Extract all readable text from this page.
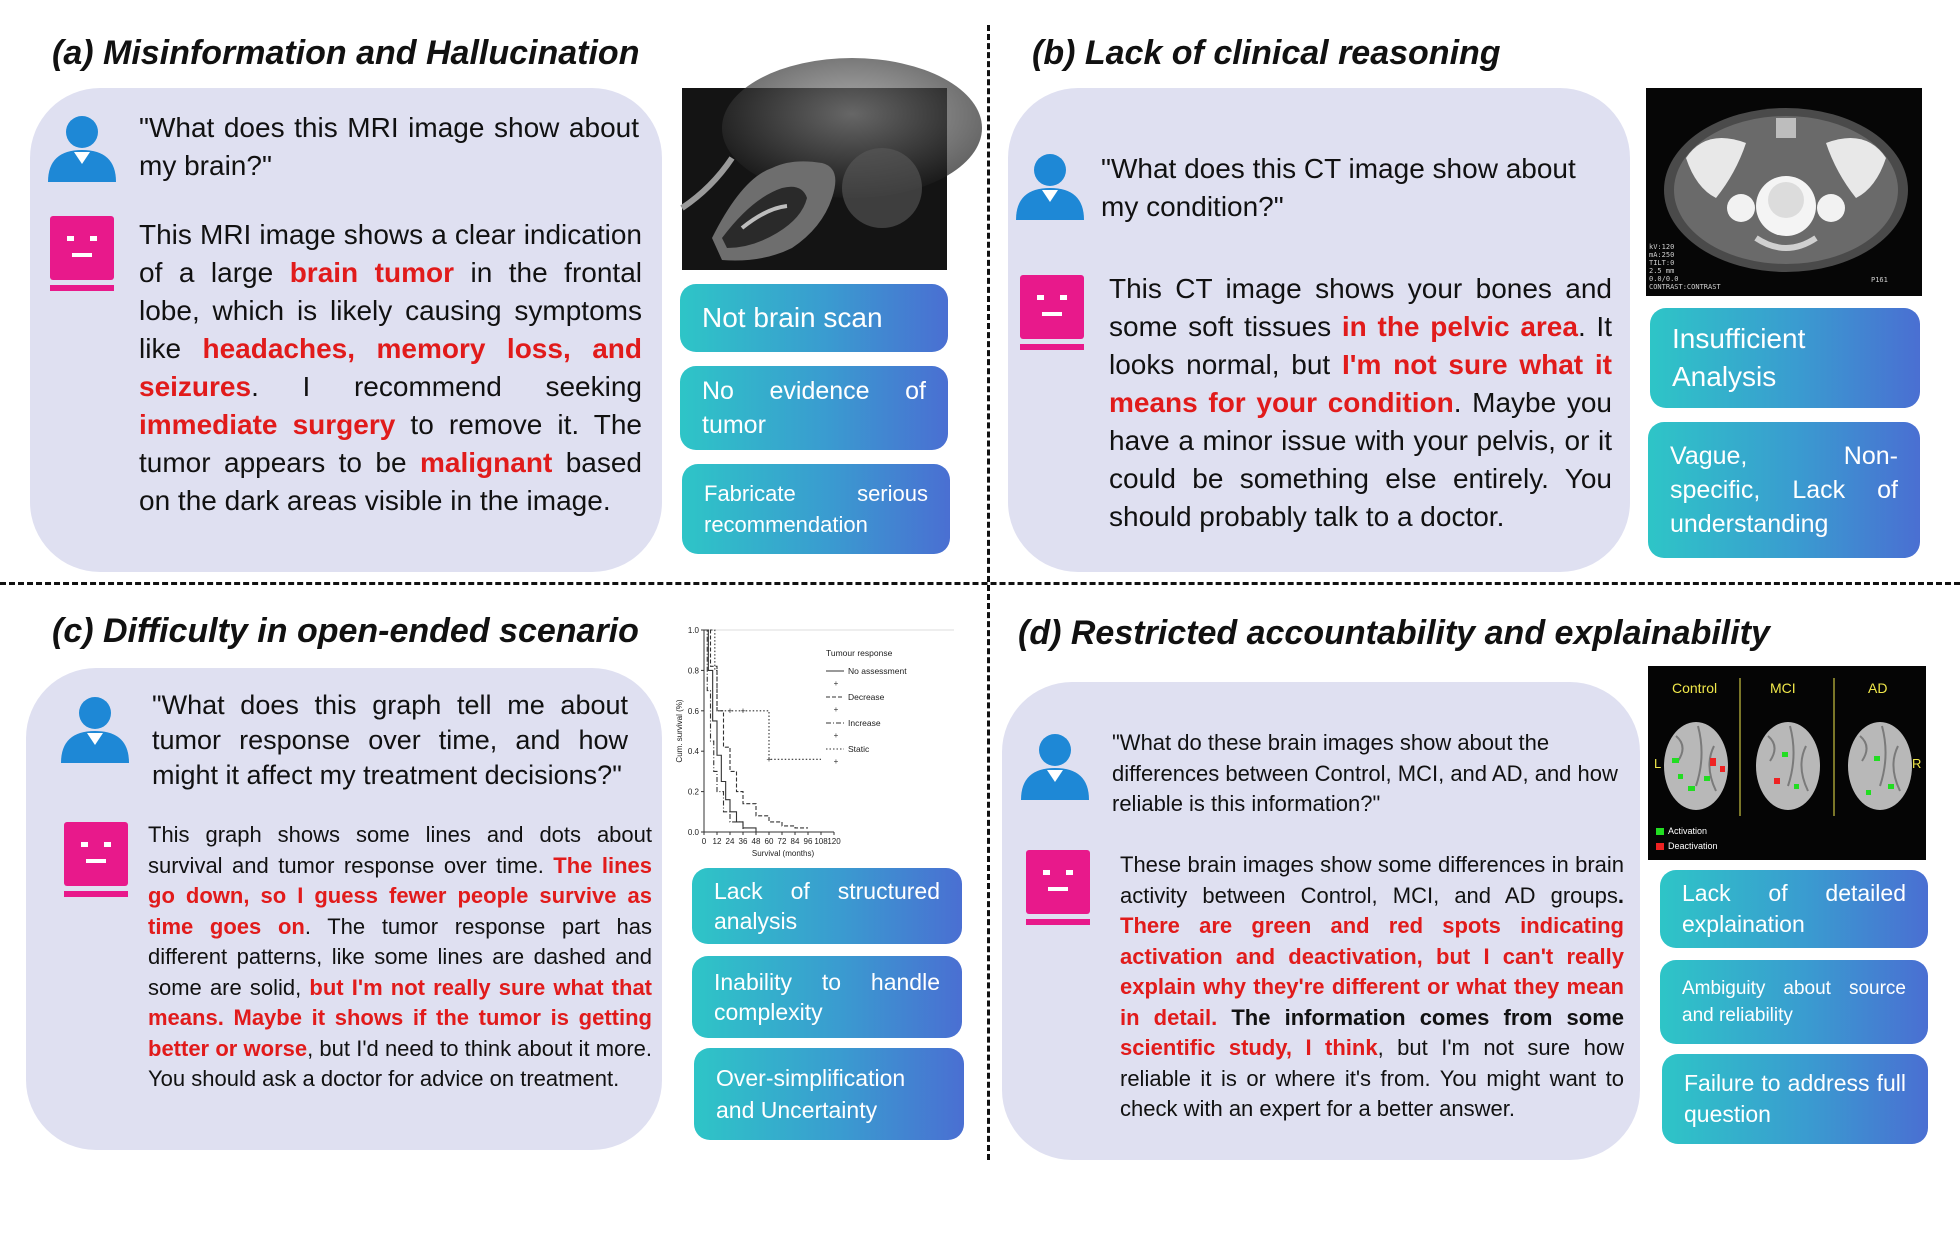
(a) Misinformation and Hallucination
"What does this MRI image show about my brain?"
This MRI image shows a clear indication of a large brain tumor in the frontal lobe, which is likely causing symptoms like headaches, memory loss, and seizures. I recommend seeking immediate surgery to remove it. The tumor appears to be malignant based on the dark areas visible in the image.
Not brain scan
No evidence of tumor
Fabricate serious recommendation
(b) Lack of clinical reasoning
"What does this CT image show about my condition?"
This CT image shows your bones and some soft tissues in the pelvic area. It looks normal, but I'm not sure what it means for your condition. Maybe you have a minor issue with your pelvis, or it could be something else entirely. You should probably talk to a doctor.
kV:120
mA:250
TILT:0
2.5 mm
0.0/0.0
CONTRAST:CONTRAST
P161
Insufficient Analysis
Vague, Non-specific, Lack of understanding
(c) Difficulty in open-ended scenario
"What does this graph tell me about tumor response over time, and how might it affect my treatment decisions?"
This graph shows some lines and dots about survival and tumor response over time. The lines go down, so I guess fewer people survive as time goes on. The tumor response part has different patterns, like some lines are dashed and some are solid, but I'm not really sure what that means. Maybe it shows if the tumor is getting better or worse, but I'd need to think about it more. You should ask a doctor for advice on treatment.
0 12 24 36 48 60 72 84 96 108 120
0.0
0.2
0.4
0.6
0.8
1.0
Survival (months)
Cum. survival (%)	+ +
+
Tumour response
No assessment
+
Decrease
+
Increase
+
Static
+
Lack of structured analysis
Inability to handle complexity
Over-simplification and Uncertainty
(d) Restricted accountability and explainability
"What do these brain images show about the differences between Control, MCI, and AD, and how reliable is this information?"
These brain images show some differences in brain activity between Control, MCI, and AD groups. There are green and red spots indicating activation and deactivation, but I can't really explain why they're different or what they mean in detail. The information comes from some scientific study, I think, but I'm not sure how reliable it is or where it's from. You might want to check with an expert for a better answer.
Control	MCI	AD
L	R
Activation
Deactivation
Lack of detailed explaination
Ambiguity about source and reliability
Failure to address full question
